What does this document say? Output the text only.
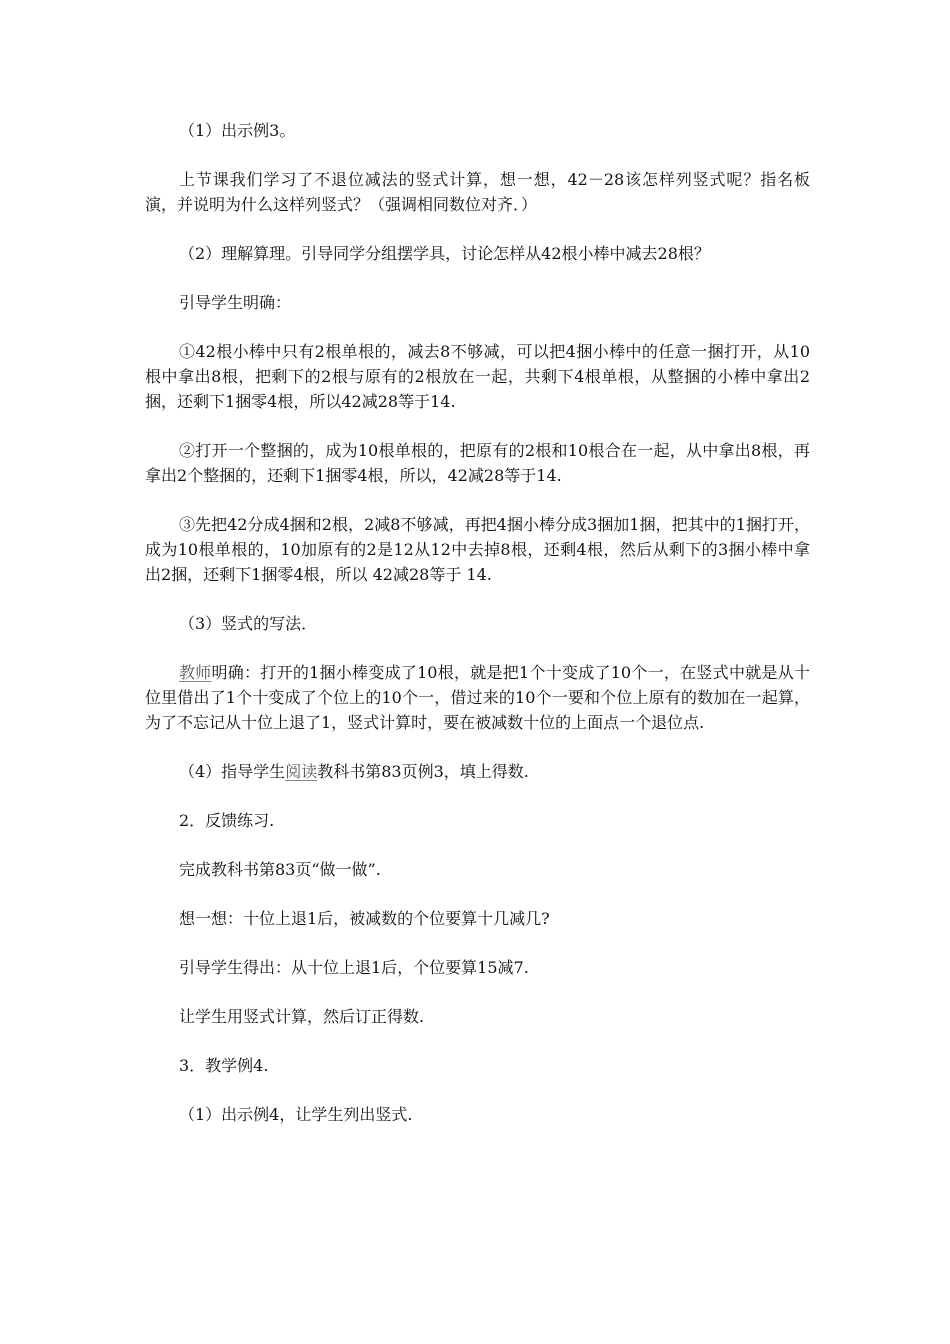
（1）出示例3。

上节课我们学习了不退位减法的竖式计算，想一想，42－28该怎样列竖式呢？指名板演，并说明为什么这样列竖式？（强调相同数位对齐．）

（2）理解算理。引导同学分组摆学具，讨论怎样从42根小棒中减去28根？

引导学生明确：

①42根小棒中只有2根单根的，减去8不够减，可以把4捆小棒中的任意一捆打开，从10根中拿出8根，把剩下的2根与原有的2根放在一起，共剩下4根单根，从整捆的小棒中拿出2捆，还剩下1捆零4根，所以42减28等于14.

②打开一个整捆的，成为10根单根的，把原有的2根和10根合在一起，从中拿出8根，再拿出2个整捆的，还剩下1捆零4根，所以，42减28等于14.

③先把42分成4捆和2根，2减8不够减，再把4捆小棒分成3捆加1捆，把其中的1捆打开，成为10根单根的，10加原有的2是12从12中去掉8根，还剩4根，然后从剩下的3捆小棒中拿出2捆，还剩下1捆零4根，所以 42减28等于 14.

（3）竖式的写法．

教师明确：打开的1捆小棒变成了10根，就是把1个十变成了10个一，在竖式中就是从十位里借出了1个十变成了个位上的10个一，借过来的10个一要和个位上原有的数加在一起算，为了不忘记从十位上退了1，竖式计算时，要在被减数十位的上面点一个退位点.

（4）指导学生阅读教科书第83页例3，填上得数.

2．反馈练习.

完成教科书第83页“做一做”.

想一想：十位上退1后，被减数的个位要算十几减几?

引导学生得出：从十位上退1后，个位要算15减7.

让学生用竖式计算，然后订正得数.

3．教学例4.

（1）出示例4，让学生列出竖式.
